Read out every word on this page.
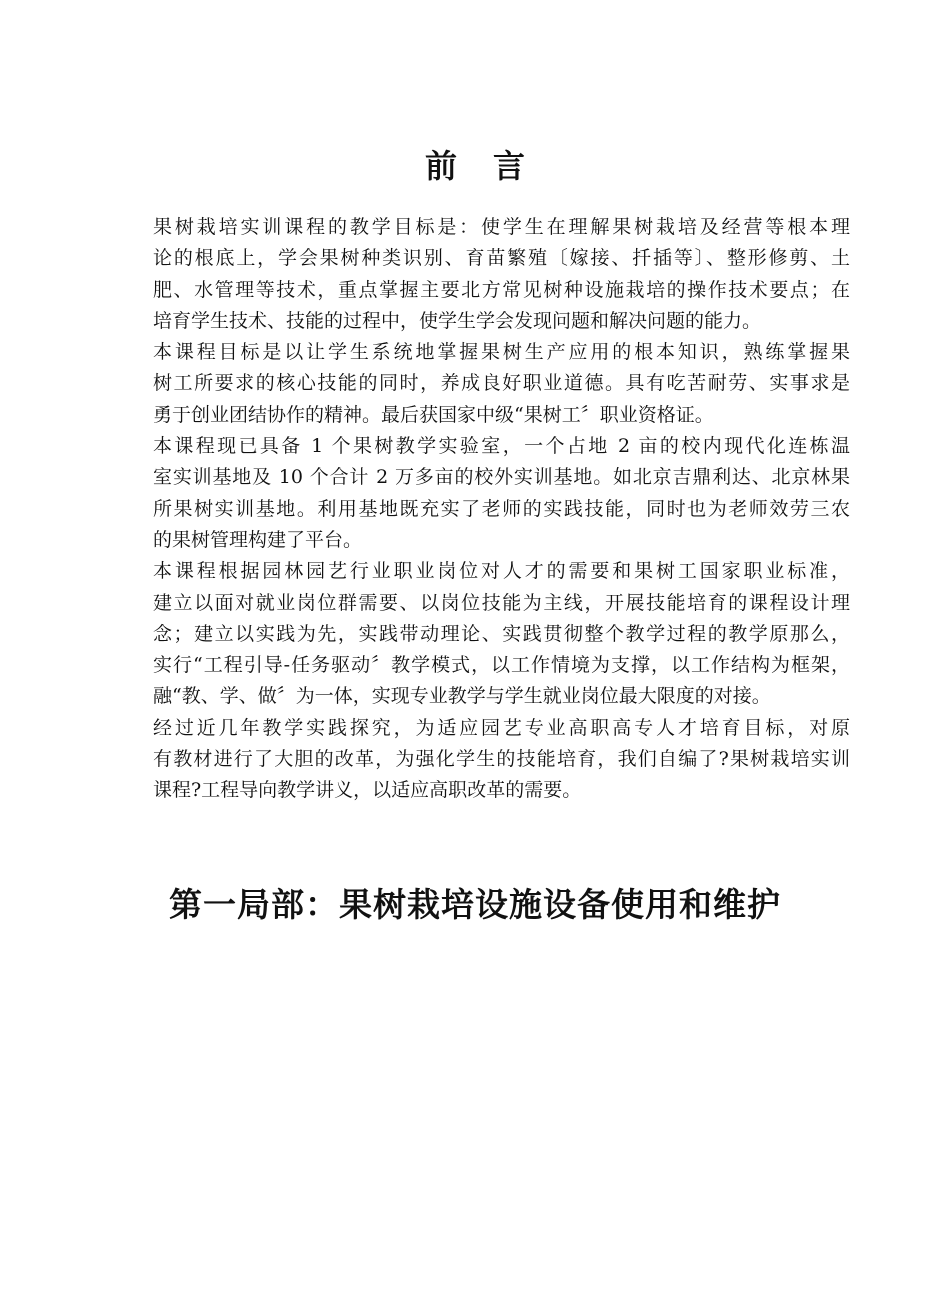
前 言
果树栽培实训课程的教学目标是：使学生在理解果树栽培及经营等根本理
论的根底上，学会果树种类识别、育苗繁殖〔嫁接、扦插等〕、整形修剪、土
肥、水管理等技术，重点掌握主要北方常见树种设施栽培的操作技术要点；在
培育学生技术、技能的过程中，使学生学会发现问题和解决问题的能力。
本课程目标是以让学生系统地掌握果树生产应用的根本知识，熟练掌握果
树工所要求的核心技能的同时，养成良好职业道德。具有吃苦耐劳、实事求是
勇于创业团结协作的精神。最后获国家中级“果树工〞职业资格证。
本课程现已具备 1 个果树教学实验室，一个占地 2 亩的校内现代化连栋温
室实训基地及 10 个合计 2 万多亩的校外实训基地。如北京吉鼎利达、北京林果
所果树实训基地。利用基地既充实了老师的实践技能，同时也为老师效劳三农
的果树管理构建了平台。
本课程根据园林园艺行业职业岗位对人才的需要和果树工国家职业标准，
建立以面对就业岗位群需要、以岗位技能为主线，开展技能培育的课程设计理
念；建立以实践为先，实践带动理论、实践贯彻整个教学过程的教学原那么，
实行“工程引导-任务驱动〞教学模式，以工作情境为支撑，以工作结构为框架，
融“教、学、做〞为一体，实现专业教学与学生就业岗位最大限度的对接。
经过近几年教学实践探究，为适应园艺专业高职高专人才培育目标，对原
有教材进行了大胆的改革，为强化学生的技能培育，我们自编了?果树栽培实训
课程?工程导向教学讲义，以适应高职改革的需要。
第一局部：果树栽培设施设备使用和维护
